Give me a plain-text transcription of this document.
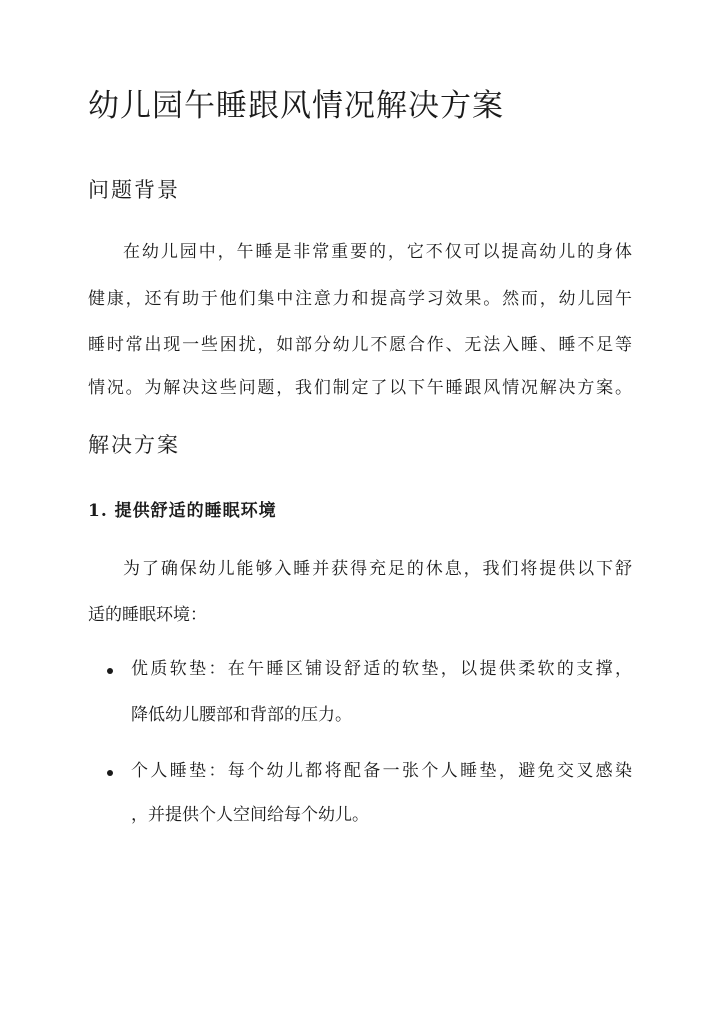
幼儿园午睡跟风情况解决方案
问题背景
在幼儿园中，午睡是非常重要的，它不仅可以提高幼儿的身体
健康，还有助于他们集中注意力和提高学习效果。然而，幼儿园午
睡时常出现一些困扰，如部分幼儿不愿合作、无法入睡、睡不足等
情况。为解决这些问题，我们制定了以下午睡跟风情况解决方案。
解决方案
1. 提供舒适的睡眠环境
为了确保幼儿能够入睡并获得充足的休息，我们将提供以下舒
适的睡眠环境：
优质软垫：在午睡区铺设舒适的软垫，以提供柔软的支撑，
降低幼儿腰部和背部的压力。
个人睡垫：每个幼儿都将配备一张个人睡垫，避免交叉感染
，并提供个人空间给每个幼儿。
